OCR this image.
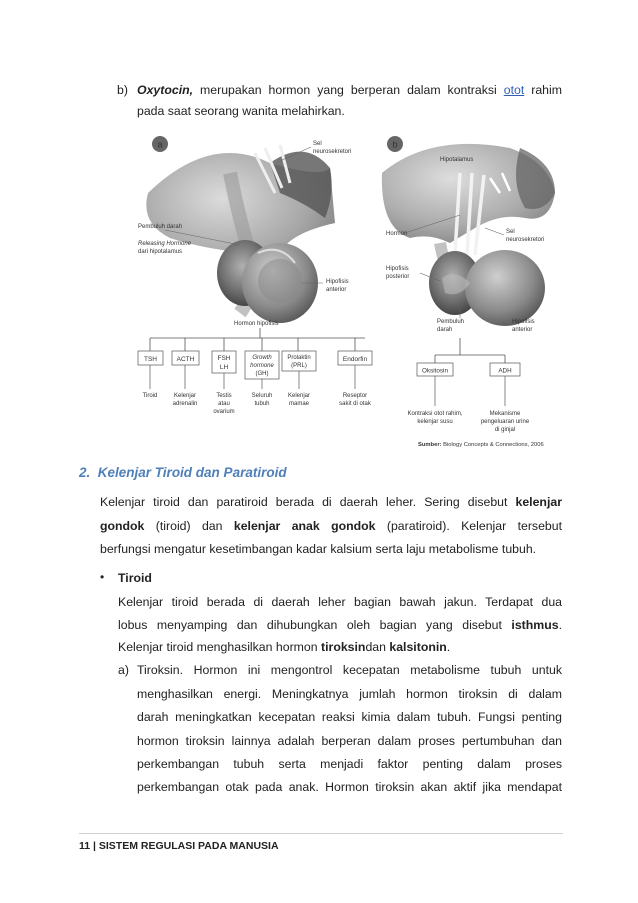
b) Oxytocin, merupakan hormon yang berperan dalam kontraksi otot rahim
pada saat seorang wanita melahirkan.
a	Sel
neurosekretori
Pembuluh darah
Releasing Hormone
dari hipotalamus
Hipofisis
anterior
Hormon hipofisis
TSH	ACTH	FSH
LH
Growth
hormone
(GH)
Prolaktin
(PRL)
Endorfin
Tiroid	Kelenjar
adrenalin
Testis
atau
ovarium
Seluruh
tubuh
Kelenjar
mamae
Reseptor
sakit di otak
b
Hipotalamus
Hormon	Sel
neurosekretori
Hipofisis
posterior
Pembuluh
darah
Hipofisis
anterior
Oksitosin	ADH
Kontraksi otot rahim,
kelenjar susu
Mekanisme
pengeluaran urine
di ginjal
Sumber: Biology Concepts & Connections, 2006
2. Kelenjar Tiroid dan Paratiroid
Kelenjar tiroid dan paratiroid berada di daerah leher. Sering disebut kelenjar
gondok (tiroid) dan kelenjar anak gondok (paratiroid). Kelenjar tersebut
berfungsi mengatur kesetimbangan kadar kalsium serta laju metabolisme tubuh.
• Tiroid
Kelenjar tiroid berada di daerah leher bagian bawah jakun. Terdapat dua
lobus menyamping dan dihubungkan oleh bagian yang disebut isthmus.
Kelenjar tiroid menghasilkan hormon tiroksindan kalsitonin.
a) Tiroksin. Hormon ini mengontrol kecepatan metabolisme tubuh untuk
menghasilkan energi. Meningkatnya jumlah hormon tiroksin di dalam
darah meningkatkan kecepatan reaksi kimia dalam tubuh. Fungsi penting
hormon tiroksin lainnya adalah berperan dalam proses pertumbuhan dan
perkembangan tubuh serta menjadi faktor penting dalam proses
perkembangan otak pada anak. Hormon tiroksin akan aktif jika mendapat
11 | SISTEM REGULASI PADA MANUSIA
